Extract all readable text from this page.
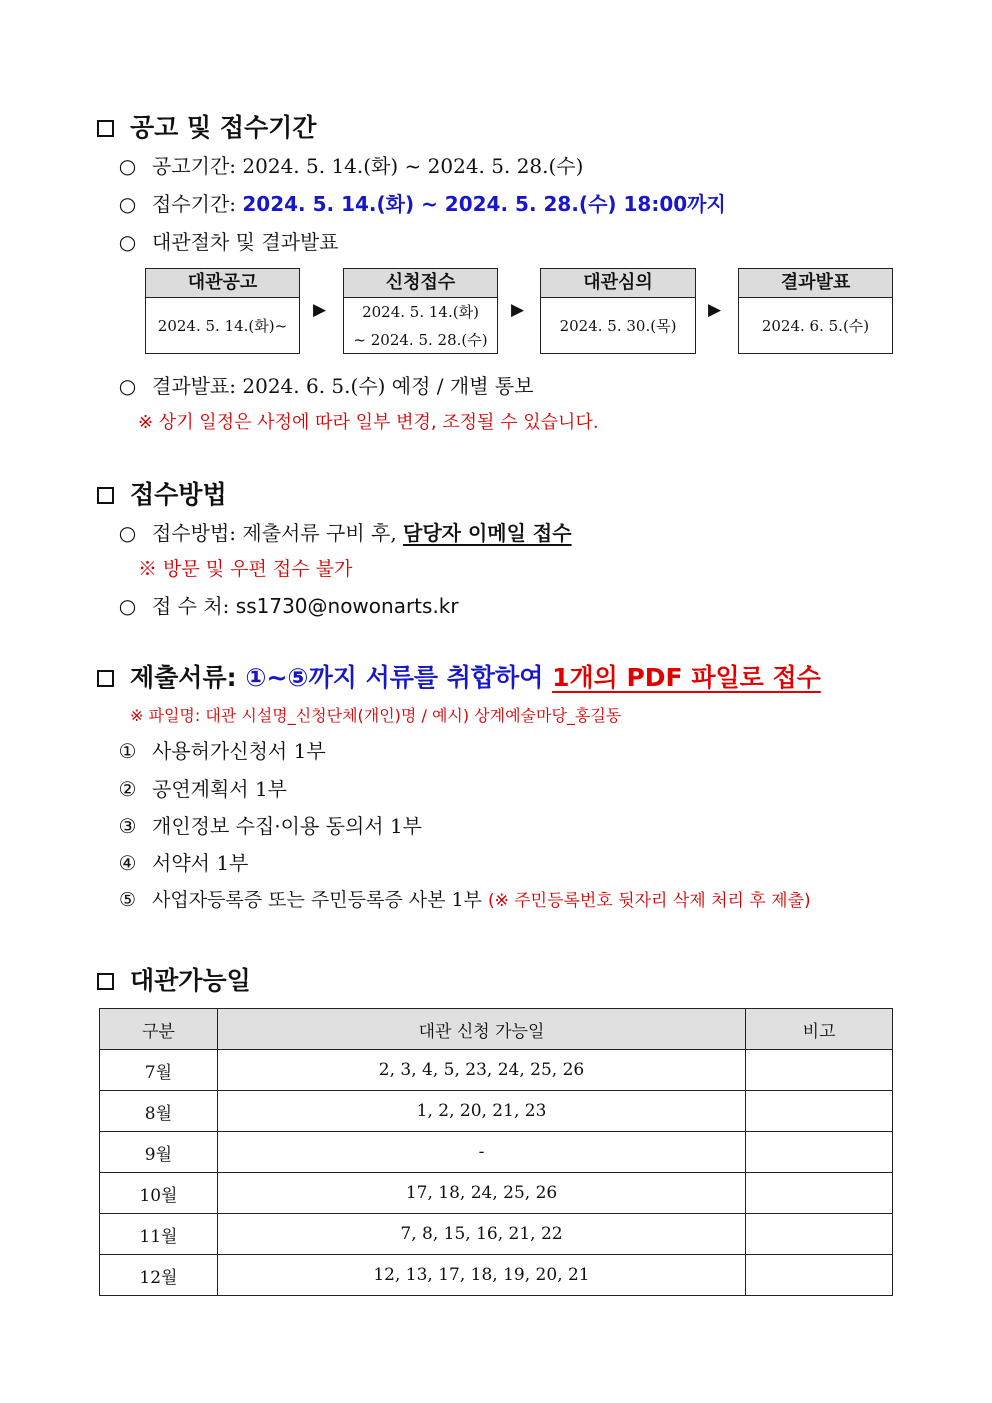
공고 및 접수기간
○ 공고기간: 2024. 5. 14.(화) ~ 2024. 5. 28.(수)
○ 접수기간: 2024. 5. 14.(화) ~ 2024. 5. 28.(수) 18:00까지
○ 대관절차 및 결과발표
대관공고
2024. 5. 14.(화)~
▶
신청접수
2024. 5. 14.(화)
~ 2024. 5. 28.(수)
▶
대관심의
2024. 5. 30.(목)
▶
결과발표
2024. 6. 5.(수)
○ 결과발표: 2024. 6. 5.(수) 예정 / 개별 통보
※ 상기 일정은 사정에 따라 일부 변경, 조정될 수 있습니다.
접수방법
○ 접수방법: 제출서류 구비 후, 담당자 이메일 접수
※ 방문 및 우편 접수 불가
○ 접 수 처: ss1730@nowonarts.kr
제출서류: ①~⑤까지 서류를 취합하여 1개의 PDF 파일로 접수
※ 파일명: 대관 시설명_신청단체(개인)명 / 예시) 상계예술마당_홍길동
① 사용허가신청서 1부
② 공연계획서 1부
③ 개인정보 수집·이용 동의서 1부
④ 서약서 1부
⑤ 사업자등록증 또는 주민등록증 사본 1부 (※ 주민등록번호 뒷자리 삭제 처리 후 제출)
대관가능일
구분	대관 신청 가능일	비고
7월	2, 3, 4, 5, 23, 24, 25, 26	
8월	1, 2, 20, 21, 23	
9월	-	
10월	17, 18, 24, 25, 26	
11월	7, 8, 15, 16, 21, 22	
12월	12, 13, 17, 18, 19, 20, 21	
